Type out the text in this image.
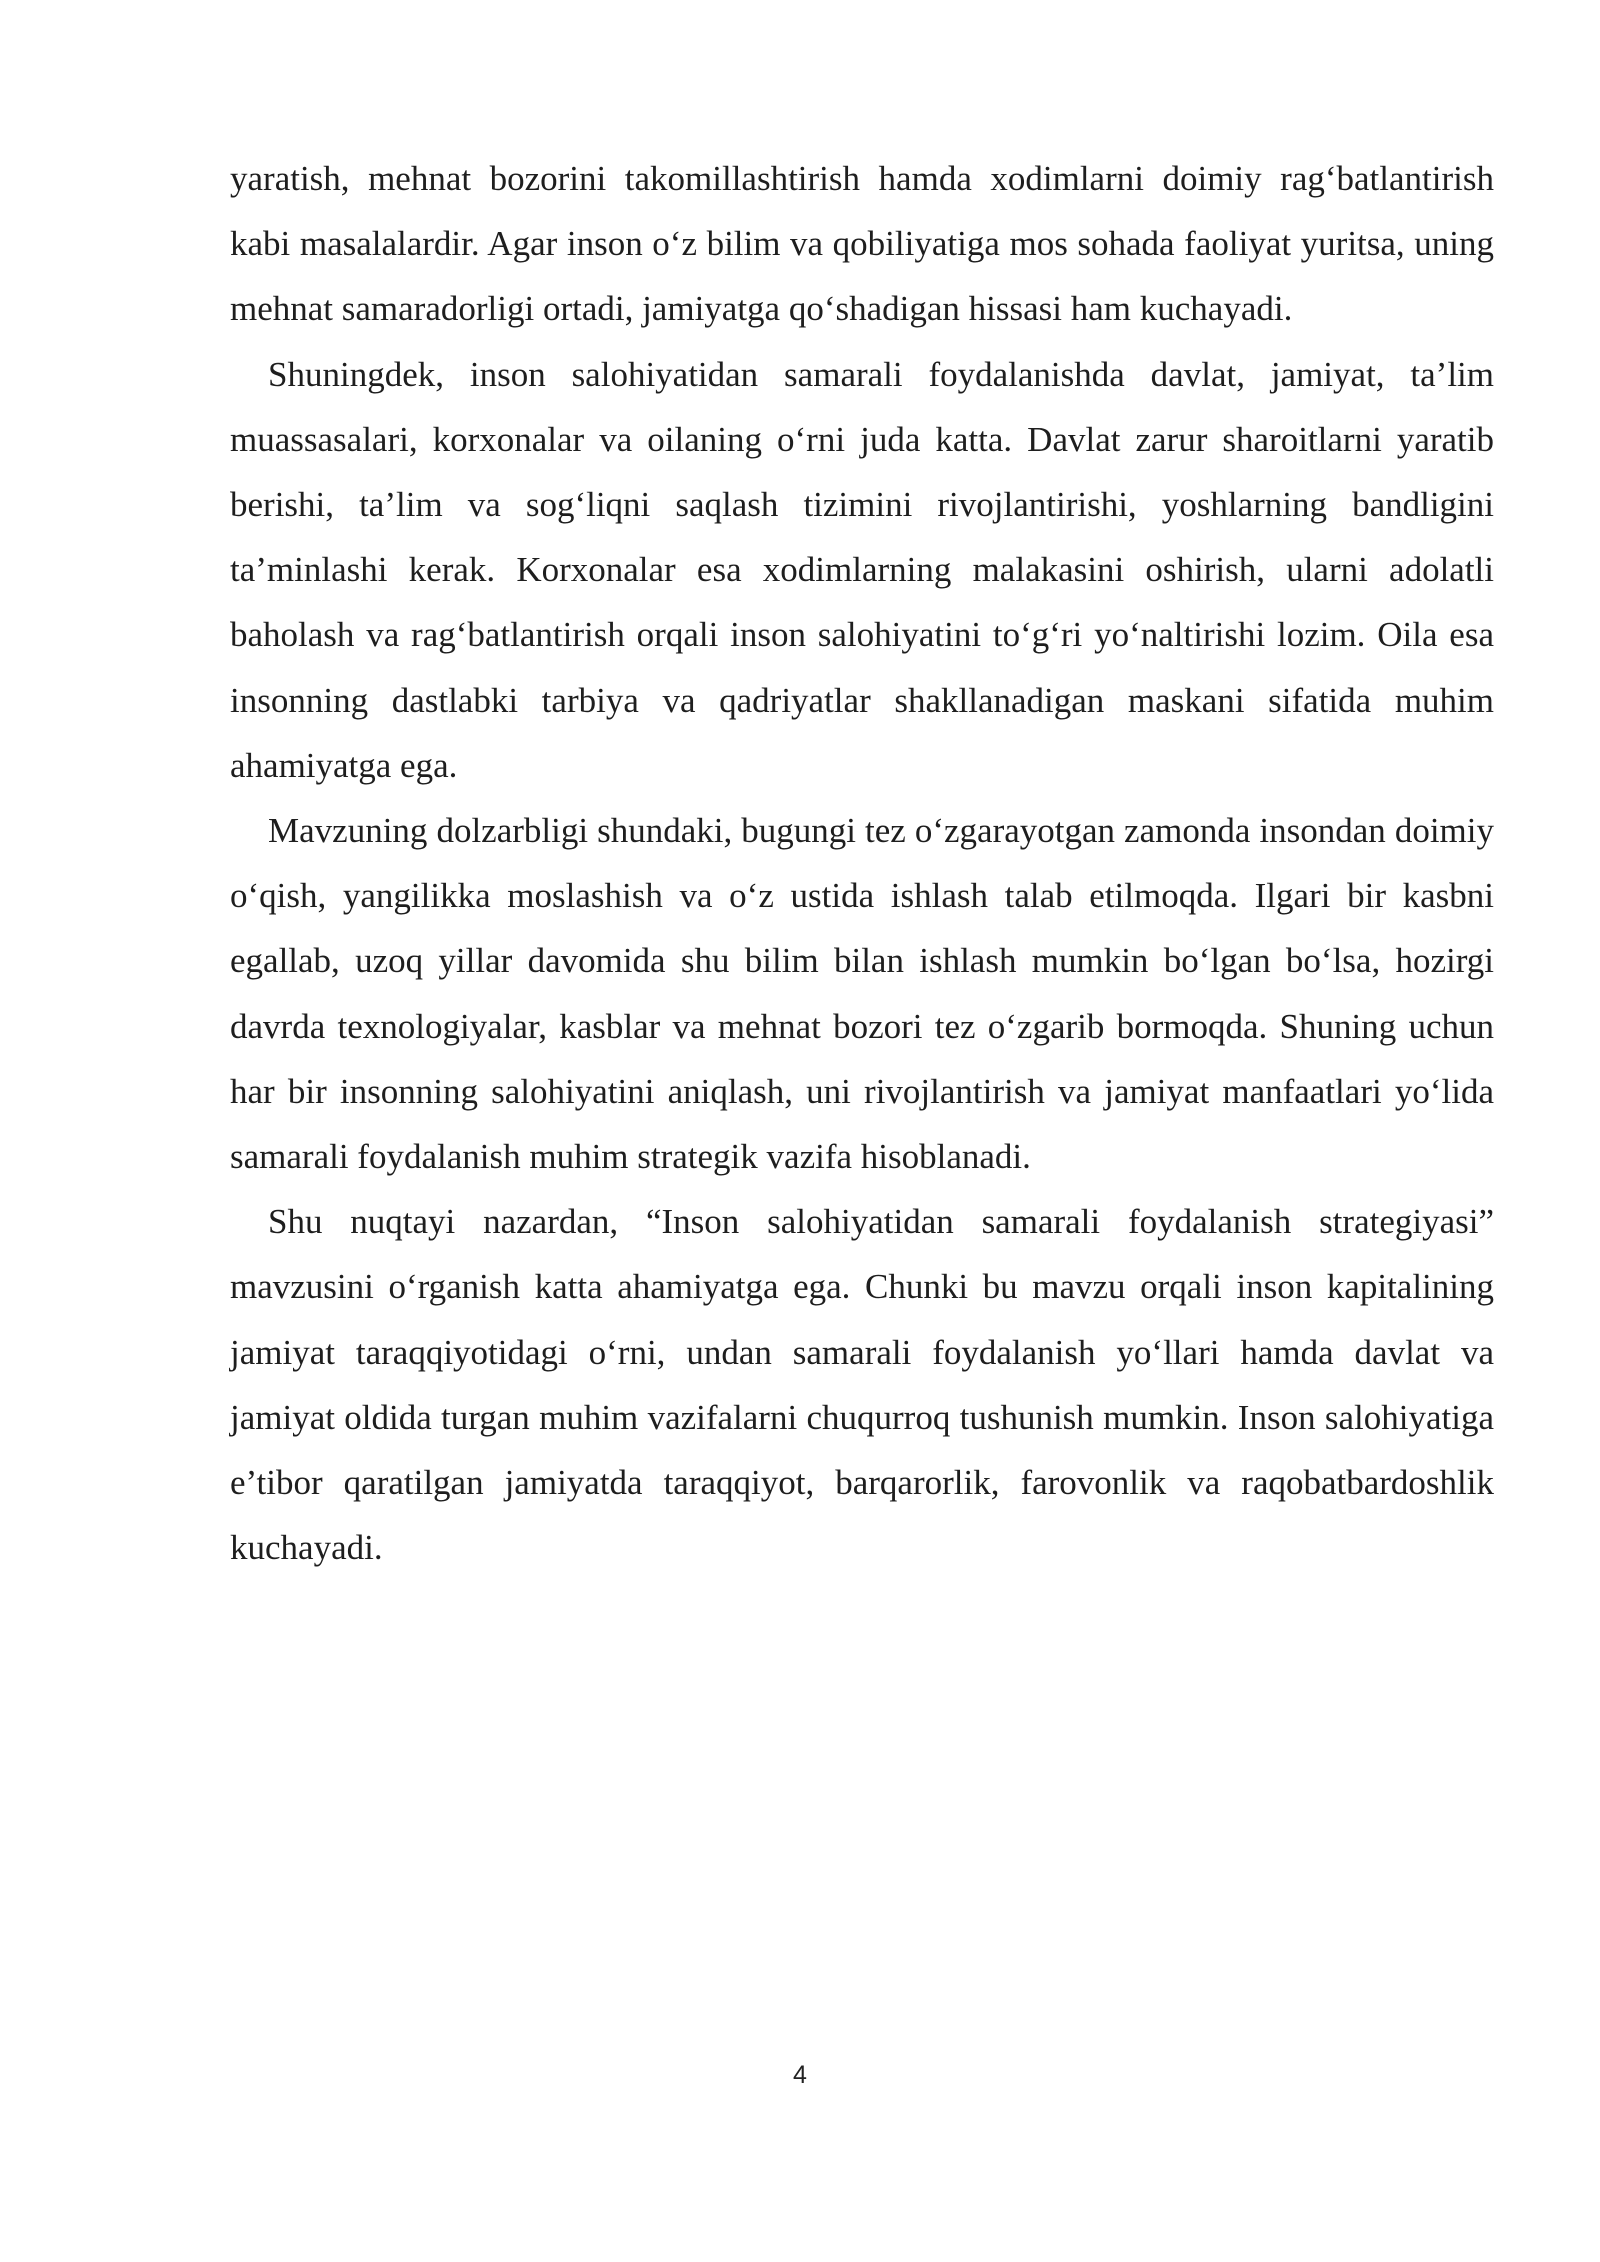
yaratish, mehnat bozorini takomillashtirish hamda xodimlarni doimiy rag‘batlantirish kabi masalalardir. Agar inson o‘z bilim va qobiliyatiga mos sohada faoliyat yuritsa, uning mehnat samaradorligi ortadi, jamiyatga qo‘shadigan hissasi ham kuchayadi.

Shuningdek, inson salohiyatidan samarali foydalanishda davlat, jamiyat, ta’lim muassasalari, korxonalar va oilaning o‘rni juda katta. Davlat zarur sharoitlarni yaratib berishi, ta’lim va sog‘liqni saqlash tizimini rivojlantirishi, yoshlarning bandligini ta’minlashi kerak. Korxonalar esa xodimlarning malakasini oshirish, ularni adolatli baholash va rag‘batlantirish orqali inson salohiyatini to‘g‘ri yo‘naltirishi lozim. Oila esa insonning dastlabki tarbiya va qadriyatlar shakllanadigan maskani sifatida muhim ahamiyatga ega.

Mavzuning dolzarbligi shundaki, bugungi tez o‘zgarayotgan zamonda insondan doimiy o‘qish, yangilikka moslashish va o‘z ustida ishlash talab etilmoqda. Ilgari bir kasbni egallab, uzoq yillar davomida shu bilim bilan ishlash mumkin bo‘lgan bo‘lsa, hozirgi davrda texnologiyalar, kasblar va mehnat bozori tez o‘zgarib bormoqda. Shuning uchun har bir insonning salohiyatini aniqlash, uni rivojlantirish va jamiyat manfaatlari yo‘lida samarali foydalanish muhim strategik vazifa hisoblanadi.

Shu nuqtayi nazardan, “Inson salohiyatidan samarali foydalanish strategiyasi” mavzusini o‘rganish katta ahamiyatga ega. Chunki bu mavzu orqali inson kapitalining jamiyat taraqqiyotidagi o‘rni, undan samarali foydalanish yo‘llari hamda davlat va jamiyat oldida turgan muhim vazifalarni chuqurroq tushunish mumkin. Inson salohiyatiga e’tibor qaratilgan jamiyatda taraqqiyot, barqarorlik, farovonlik va raqobatbardoshlik kuchayadi.

4
